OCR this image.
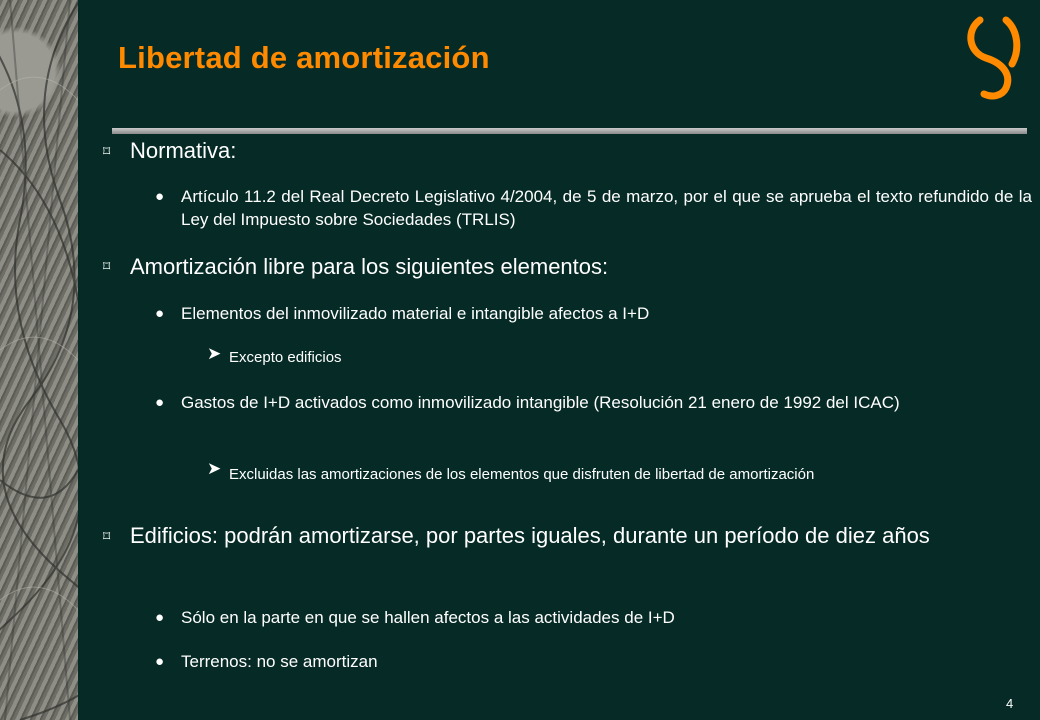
Libertad de amortización
⌑ Normativa:
● Artículo 11.2 del Real Decreto Legislativo 4/2004, de 5 de marzo, por el que se aprueba el texto refundido de la Ley del Impuesto sobre Sociedades (TRLIS)
⌑ Amortización libre para los siguientes elementos:
● Elementos del inmovilizado material e intangible afectos a I+D
➤ Excepto edificios
● Gastos de I+D activados como inmovilizado intangible (Resolución 21 enero de 1992 del ICAC)
➤ Excluidas las amortizaciones de los elementos que disfruten de libertad de amortización
⌑ Edificios: podrán amortizarse, por partes iguales, durante un período de diez años
● Sólo en la parte en que se hallen afectos a las actividades de I+D
● Terrenos: no se amortizan
4
